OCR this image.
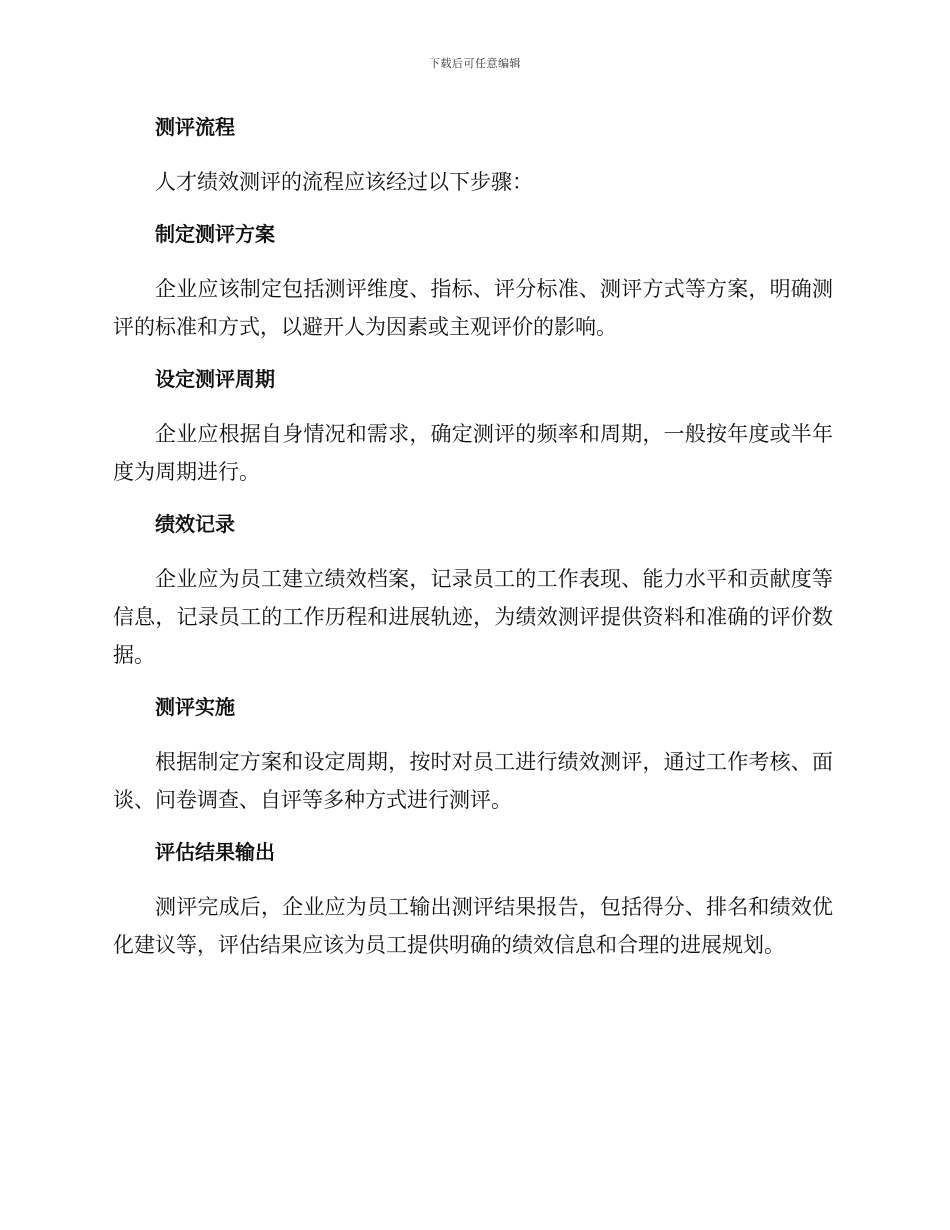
下载后可任意编辑
测评流程

人才绩效测评的流程应该经过以下步骤：

制定测评方案

企业应该制定包括测评维度、指标、评分标准、测评方式等方案，明确测评的标准和方式，以避开人为因素或主观评价的影响。

设定测评周期

企业应根据自身情况和需求，确定测评的频率和周期，一般按年度或半年度为周期进行。

绩效记录

企业应为员工建立绩效档案，记录员工的工作表现、能力水平和贡献度等信息，记录员工的工作历程和进展轨迹，为绩效测评提供资料和准确的评价数据。

测评实施

根据制定方案和设定周期，按时对员工进行绩效测评，通过工作考核、面谈、问卷调查、自评等多种方式进行测评。

评估结果输出

测评完成后，企业应为员工输出测评结果报告，包括得分、排名和绩效优化建议等，评估结果应该为员工提供明确的绩效信息和合理的进展规划。
